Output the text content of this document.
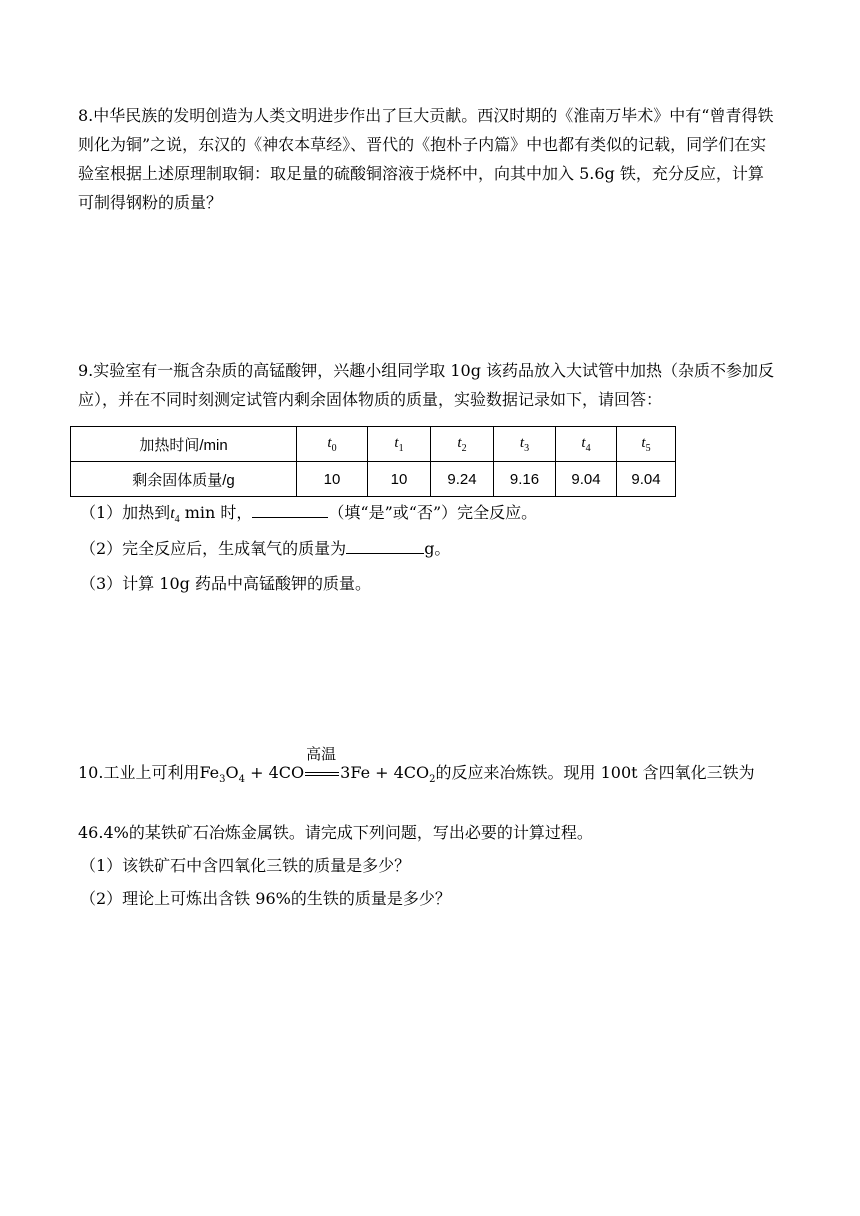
8.中华民族的发明创造为人类文明进步作出了巨大贡献。西汉时期的《淮南万毕术》中有“曾青得铁则化为铜”之说，东汉的《神农本草经》、晋代的《抱朴子内篇》中也都有类似的记载，同学们在实验室根据上述原理制取铜：取足量的硫酸铜溶液于烧杯中，向其中加入 5.6g 铁，充分反应，计算可制得钢粉的质量？
9.实验室有一瓶含杂质的高锰酸钾，兴趣小组同学取 10g 该药品放入大试管中加热（杂质不参加反应），并在不同时刻测定试管内剩余固体物质的质量，实验数据记录如下，请回答：
加热时间/min	$t_0$	$t_1$	$t_2$	$t_3$	$t_4$	$t_5$
剩余固体质量/g	10	10	9.24	9.16	9.04	9.04
（1）加热到$t_4$ min 时，	（填“是”或“否”）完全反应。
（2）完全反应后，生成氧气的质量为	g。
（3）计算 10g 药品中高锰酸钾的质量。
10.工业上可利用$Fe_3O_4 + 4CO$
高温
$3Fe + 4CO_2$的反应来冶炼铁。现用 100t 含四氧化三铁为
46.4%的某铁矿石冶炼金属铁。请完成下列问题，写出必要的计算过程。
（1）该铁矿石中含四氧化三铁的质量是多少？
（2）理论上可炼出含铁 96%的生铁的质量是多少？
